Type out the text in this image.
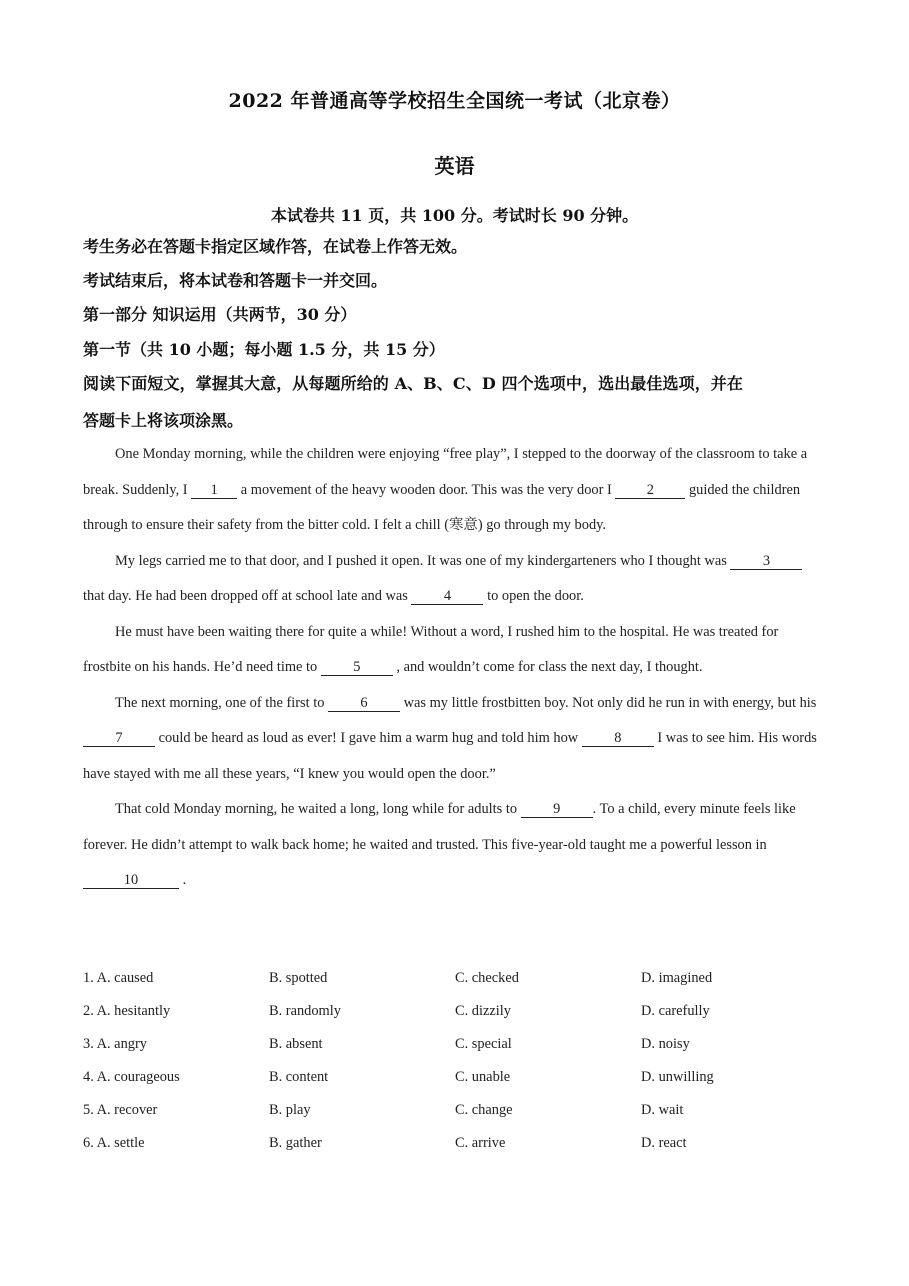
2022 年普通高等学校招生全国统一考试（北京卷）
英语
本试卷共 11 页，共 100 分。考试时长 90 分钟。
考生务必在答题卡指定区域作答，在试卷上作答无效。
考试结束后，将本试卷和答题卡一并交回。
第一部分 知识运用（共两节，30 分）
第一节（共 10 小题；每小题 1.5 分，共 15 分）
阅读下面短文，掌握其大意，从每题所给的 A、B、C、D 四个选项中，选出最佳选项，并在
答题卡上将该项涂黑。

One Monday morning, while the children were enjoying “free play”, I stepped to the doorway of the classroom to take a break. Suddenly, I 1 a movement of the heavy wooden door. This was the very door I 2 guided the children through to ensure their safety from the bitter cold. I felt a chill (寒意) go through my body.

My legs carried me to that door, and I pushed it open. It was one of my kindergarteners who I thought was 3 that day. He had been dropped off at school late and was 4 to open the door.

He must have been waiting there for quite a while! Without a word, I rushed him to the hospital. He was treated for frostbite on his hands. He’d need time to 5 , and wouldn’t come for class the next day, I thought.

The next morning, one of the first to 6 was my little frostbitten boy. Not only did he run in with energy, but his 7 could be heard as loud as ever! I gave him a warm hug and told him how 8 I was to see him. His words have stayed with me all these years, “I knew you would open the door.”

That cold Monday morning, he waited a long, long while for adults to 9 . To a child, every minute feels like forever. He didn’t attempt to walk back home; he waited and trusted. This five-year-old taught me a powerful lesson in 10	.

1. A. caused	B. spotted	C. checked	D. imagined
2. A. hesitantly	B. randomly	C. dizzily	D. carefully
3. A. angry	B. absent	C. special	D. noisy
4. A. courageous	B. content	C. unable	D. unwilling
5. A. recover	B. play	C. change	D. wait
6. A. settle	B. gather	C. arrive	D. react
